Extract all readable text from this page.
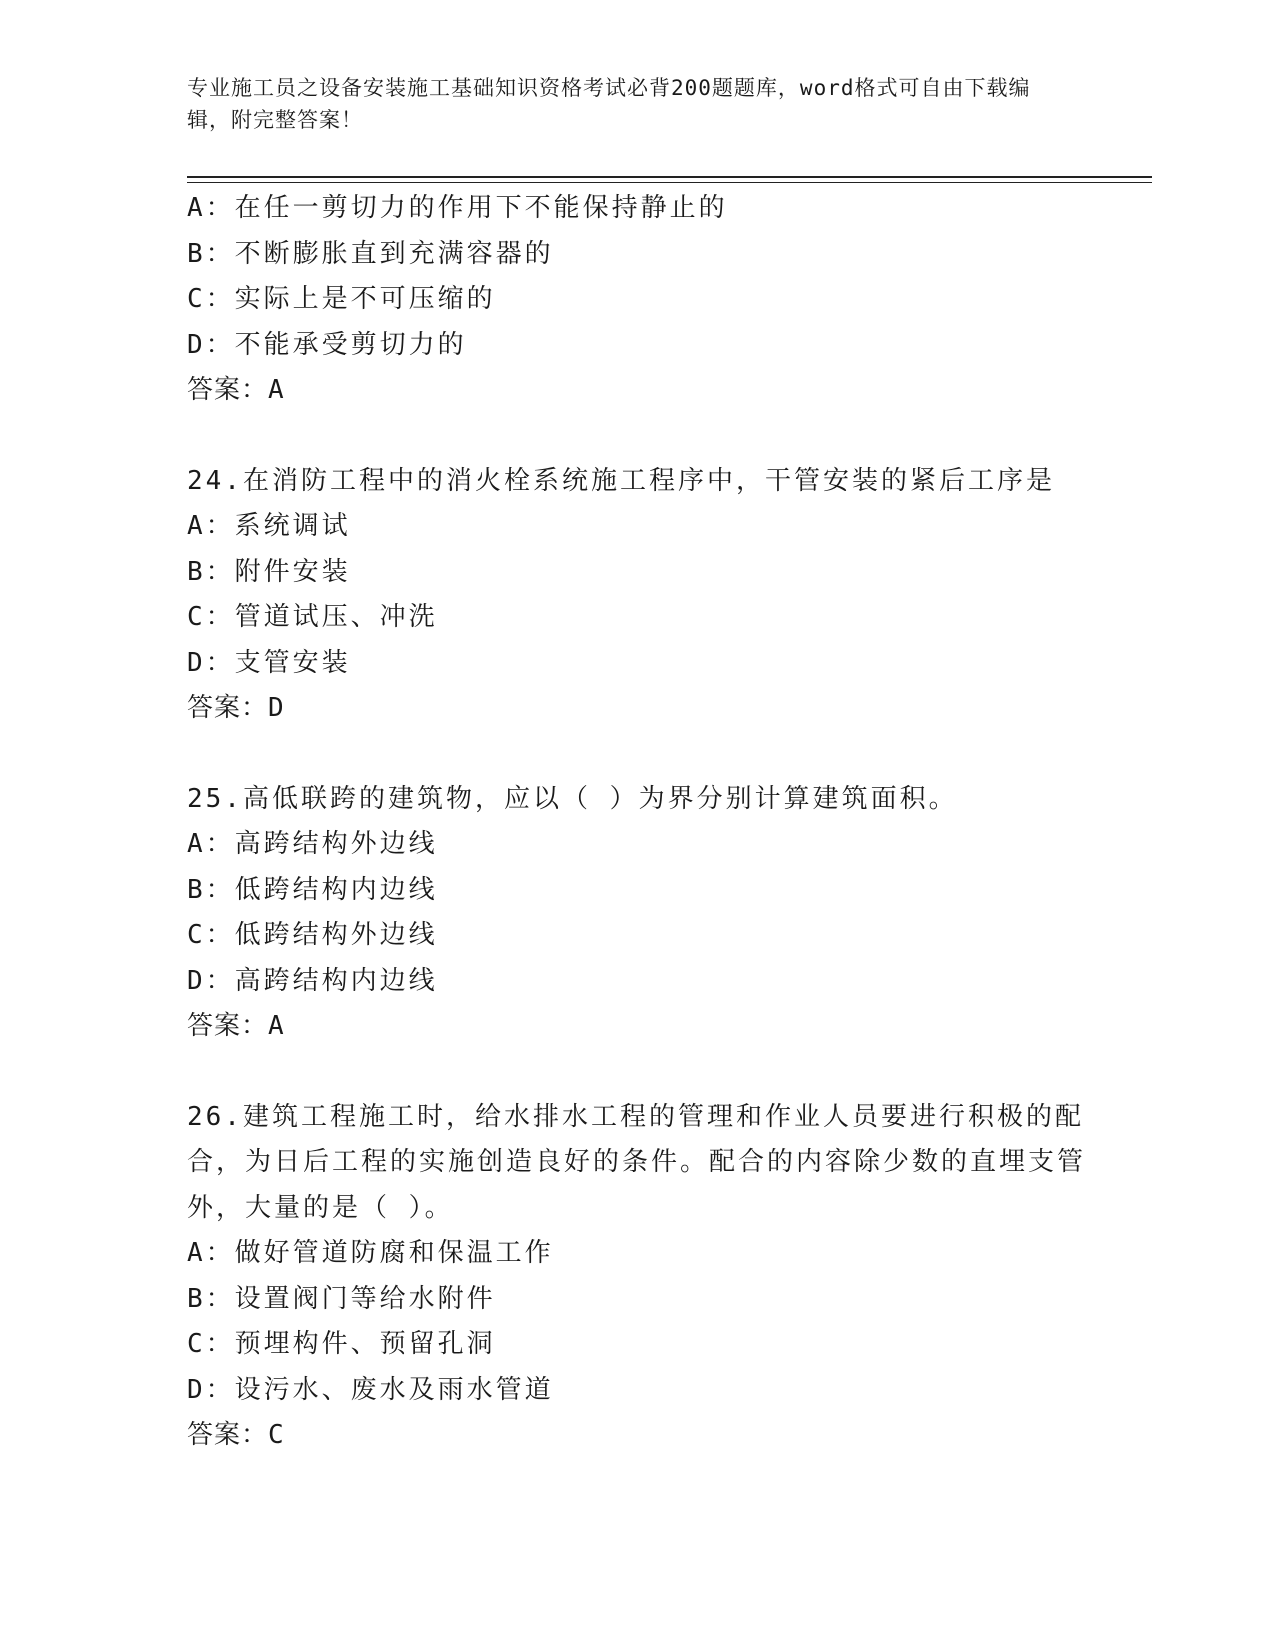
专业施工员之设备安装施工基础知识资格考试必背200题题库，word格式可自由下载编辑，附完整答案！
A：在任一剪切力的作用下不能保持静止的
B：不断膨胀直到充满容器的
C：实际上是不可压缩的
D：不能承受剪切力的
答案：A
24.在消防工程中的消火栓系统施工程序中，干管安装的紧后工序是
A：系统调试
B：附件安装
C：管道试压、冲洗
D：支管安装
答案：D
25.高低联跨的建筑物，应以（ ）为界分别计算建筑面积。
A：高跨结构外边线
B：低跨结构内边线
C：低跨结构外边线
D：高跨结构内边线
答案：A
26.建筑工程施工时，给水排水工程的管理和作业人员要进行积极的配合，为日后工程的实施创造良好的条件。配合的内容除少数的直埋支管外，大量的是（ ）。
A：做好管道防腐和保温工作
B：设置阀门等给水附件
C：预埋构件、预留孔洞
D：设污水、废水及雨水管道
答案：C
